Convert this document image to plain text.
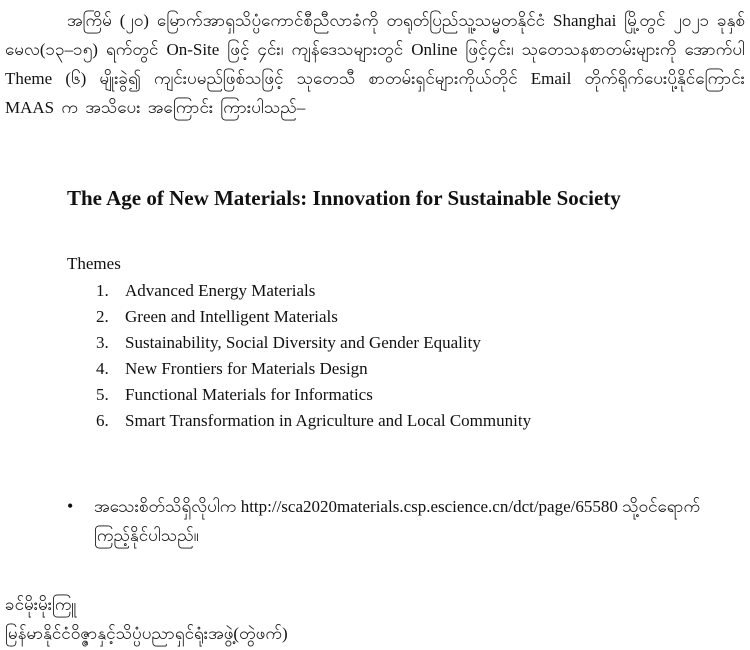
အကြိမ် (၂၀) မြောက်အာရှသိပ္ပံကောင်စီညီလာခံကို တရုတ်ပြည်သူ့သမ္မတနိုင်ငံ Shanghai မြို့တွင် ၂၀၂၁ ခုနှစ် မေလ(၁၃–၁၅) ရက်တွင် On-Site ဖြင့် ၄င်း၊ ကျန်ဒေသများတွင် Online ဖြင့်၄င်း၊ သုတေသနစာတမ်းများကို အောက်ပါ Theme (၆) မျိုးခွဲ၍ ကျင်းပမည်ဖြစ်သဖြင့် သုတေသီ စာတမ်းရှင်များကိုယ်တိုင် Email တိုက်ရိုက်ပေးပို့နိုင်ကြောင်း MAAS က အသိပေး အကြောင်း ကြားပါသည်–

The Age of New Materials: Innovation for Sustainable Society

Themes

1. Advanced Energy Materials
2. Green and Intelligent Materials
3. Sustainability, Social Diversity and Gender Equality
4. New Frontiers for Materials Design
5. Functional Materials for Informatics
6. Smart Transformation in Agriculture and Local Community
• အသေးစိတ်သိရှိလိုပါက http://sca2020materials.csp.escience.cn/dct/page/65580 သို့ဝင်ရောက်ကြည့်နိုင်ပါသည်။
ခင်မိုးမိုးကြူ
မြန်မာနိုင်ငံဝိဇ္ဇာနှင့်သိပ္ပံပညာရှင်ရုံးအဖွဲ့(တွဲဖက်)
